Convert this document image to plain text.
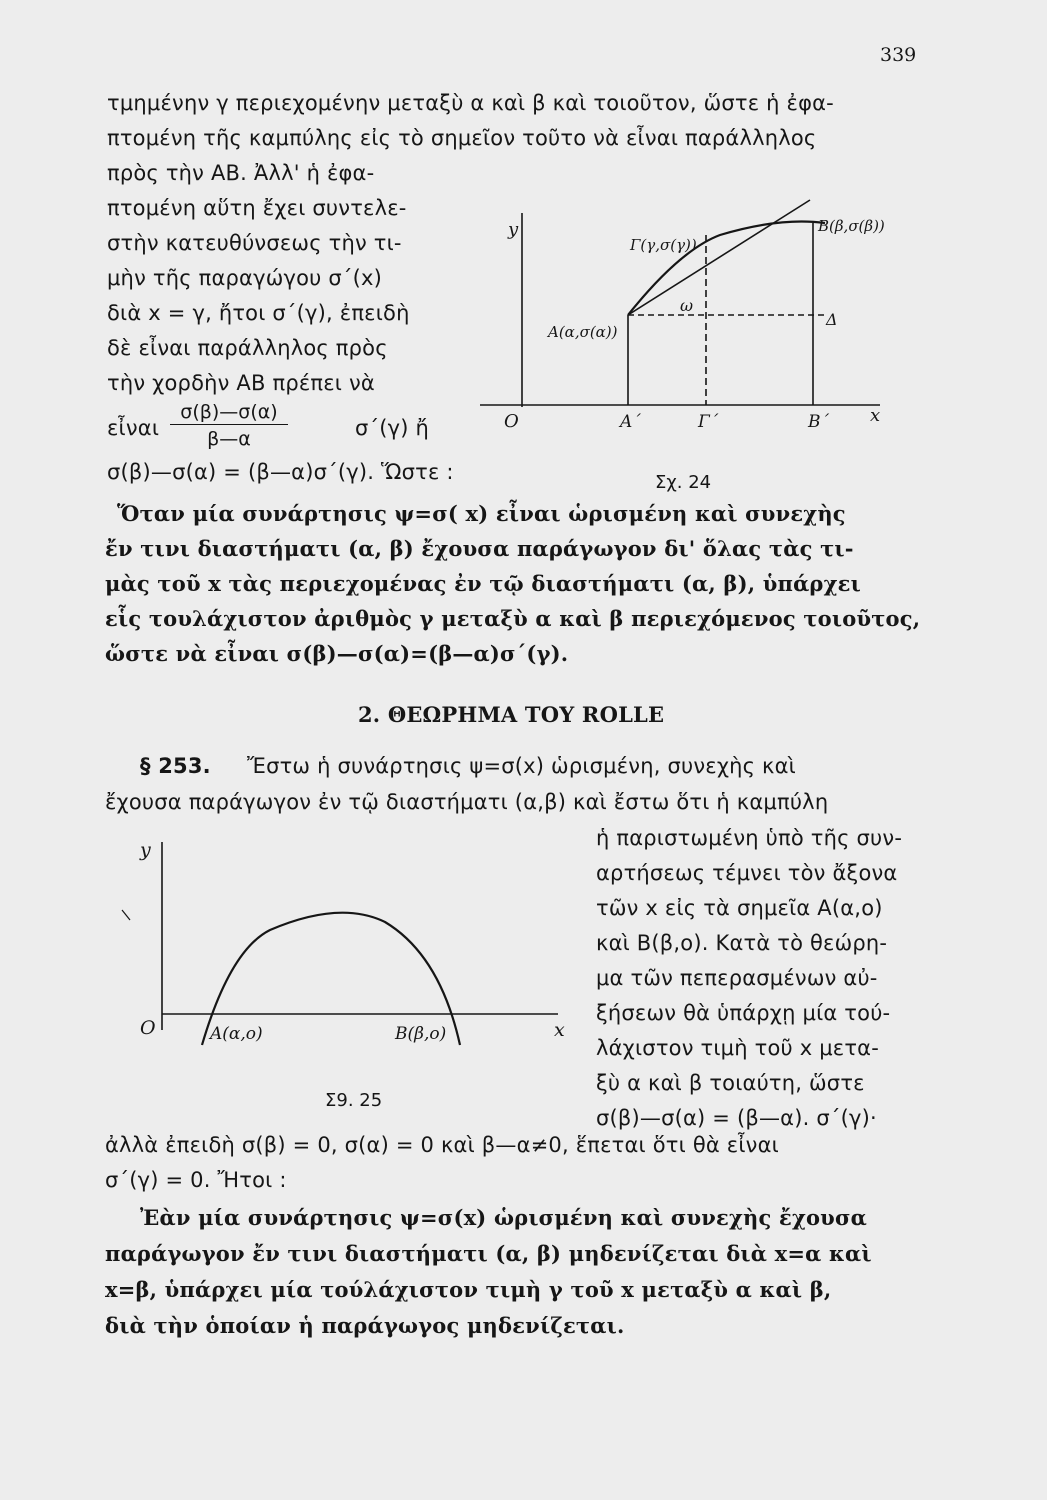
339
τμημένην γ περιεχομένην μεταξὺ α καὶ β καὶ τοιοῦτον, ὥστε ἡ ἐφα-
πτομένη τῆς καμπύλης εἰς τὸ σημεῖον τοῦτο νὰ εἶναι παράλληλος
πρὸς τὴν ΑΒ. Ἀλλ' ἡ ἐφα-
πτομένη αὕτη ἔχει συντελε-
στὴν κατευθύνσεως τὴν τι-
μὴν τῆς παραγώγου σ΄(x)
διὰ x = γ, ἤτοι σ΄(γ), ἐπειδὴ
δὲ εἶναι παράλληλος πρὸς
τὴν χορδὴν ΑΒ πρέπει νὰ
εἶναι
σ(β)—σ(α)
β—α	σ΄(γ) ἤ
σ(β)—σ(α) = (β—α)σ΄(γ). Ὥστε :
y
O	x
Γ(γ,σ(γ))
Β(β,σ(β))
Α(α,σ(α))
ω
Δ
Α΄	Γ΄	Β΄
Σχ. 24
Ὅταν μία συνάρτησις ψ=σ( x) εἶναι ὡρισμένη καὶ συνεχὴς
ἔν τινι διαστήματι (α, β) ἔχουσα παράγωγον δι' ὅλας τὰς τι-
μὰς τοῦ x τὰς περιεχομένας ἐν τῷ διαστήματι (α, β), ὑπάρχει
εἷς τουλάχιστον ἀριθμὸς γ μεταξὺ α καὶ β περιεχόμενος τοιοῦτος,
ὥστε νὰ εἶναι σ(β)—σ(α)=(β—α)σ΄(γ).
2. ΘΕΩΡΗΜΑ ΤΟΥ ROLLE
§ 253. Ἔστω ἡ συνάρτησις ψ=σ(x) ὡρισμένη, συνεχὴς καὶ
ἔχουσα παράγωγον ἐν τῷ διαστήματι (α,β) καὶ ἔστω ὅτι ἡ καμπύλη
ἡ παριστωμένη ὑπὸ τῆς συν-
αρτήσεως τέμνει τὸν ἄξονα
τῶν x εἰς τὰ σημεῖα Α(α,ο)
καὶ Β(β,ο). Κατὰ τὸ θεώρη-
μα τῶν πεπερασμένων αὐ-
ξήσεων θὰ ὑπάρχῃ μία τού-
λάχιστον τιμὴ τοῦ x μετα-
ξὺ α καὶ β τοιαύτη, ὥστε
σ(β)—σ(α) = (β—α). σ΄(γ)·
y
O	x
Α(α,ο)	Β(β,ο)
Σ9. 25
ἀλλὰ ἐπειδὴ σ(β) = 0, σ(α) = 0 καὶ β—α≠0, ἕπεται ὅτι θὰ εἶναι
σ΄(γ) = 0. Ἤτοι :
Ἐὰν μία συνάρτησις ψ=σ(x) ὡρισμένη καὶ συνεχὴς ἔχουσα
παράγωγον ἔν τινι διαστήματι (α, β) μηδενίζεται διὰ x=α καὶ
x=β, ὑπάρχει μία τούλάχιστον τιμὴ γ τοῦ x μεταξὺ α καὶ β,
διὰ τὴν ὁποίαν ἡ παράγωγος μηδενίζεται.
